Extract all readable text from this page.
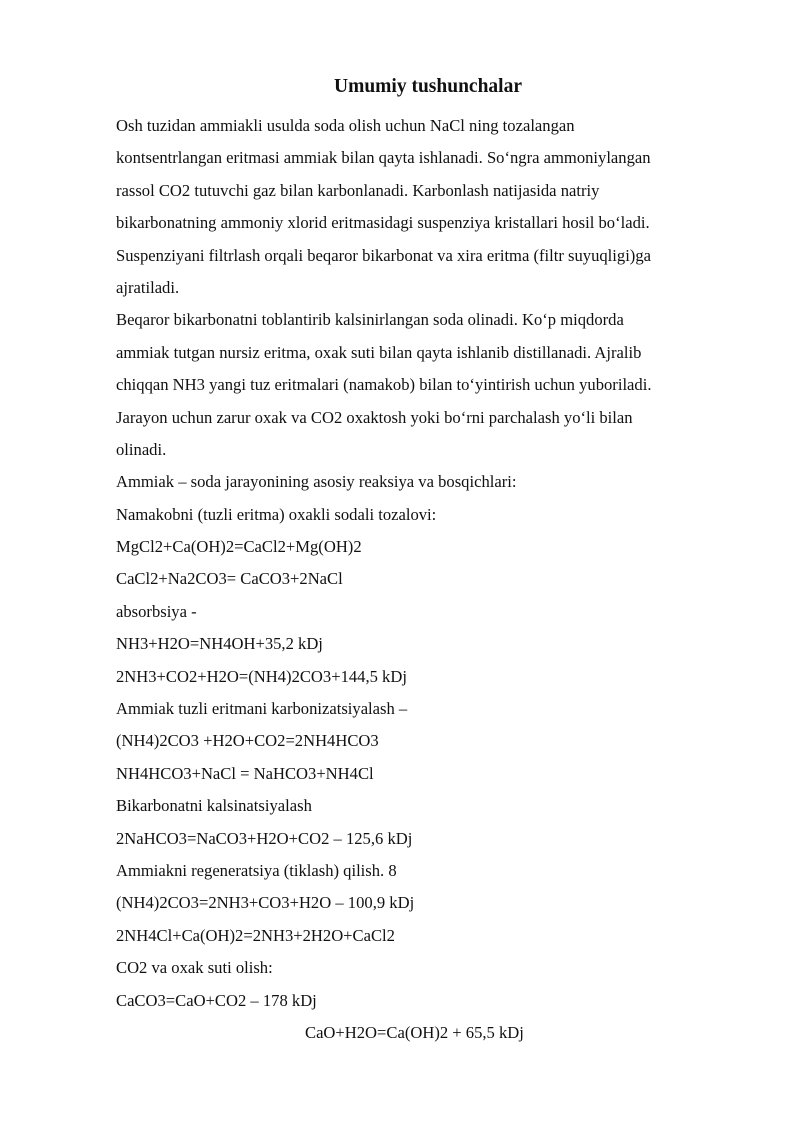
Umumiy tushunchalar
Osh tuzidan ammiakli usulda soda olish uchun NaCl ning tozalangan
kontsentrlangan eritmasi ammiak bilan qayta ishlanadi. So‘ngra ammoniylangan
rassol CO2 tutuvchi gaz bilan karbonlanadi. Karbonlash natijasida natriy
bikarbonatning ammoniy xlorid eritmasidagi suspenziya kristallari hosil bo‘ladi.
Suspenziyani filtrlash orqali beqaror bikarbonat va xira eritma (filtr suyuqligi)ga
ajratiladi.
Beqaror bikarbonatni toblantirib kalsinirlangan soda olinadi. Ko‘p miqdorda
ammiak tutgan nursiz eritma, oxak suti bilan qayta ishlanib distillanadi. Ajralib
chiqqan NH3 yangi tuz eritmalari (namakob) bilan to‘yintirish uchun yuboriladi.
Jarayon uchun zarur oxak va CO2 oxaktosh yoki bo‘rni parchalash yo‘li bilan
olinadi.
Ammiak – soda jarayonining asosiy reaksiya va bosqichlari:
Namakobni (tuzli eritma) oxakli sodali tozalovi:
MgCl2+Ca(OH)2=CaCl2+Mg(OH)2
CaCl2+Na2CO3= CaCO3+2NaCl
absorbsiya -
NH3+H2O=NH4OH+35,2 kDj
2NH3+CO2+H2O=(NH4)2CO3+144,5 kDj
Ammiak tuzli eritmani karbonizatsiyalash –
(NH4)2CO3 +H2O+CO2=2NH4HCO3
NH4HCO3+NaCl = NaHCO3+NH4Cl
Bikarbonatni kalsinatsiyalash
2NaHCO3=NaCO3+H2O+CO2 – 125,6 kDj
Ammiakni regeneratsiya (tiklash) qilish. 8
(NH4)2CO3=2NH3+CO3+H2O – 100,9 kDj
2NH4Cl+Ca(OH)2=2NH3+2H2O+CaCl2
CO2 va oxak suti olish:
CaCO3=CaO+CO2 – 178 kDj
CaO+H2O=Ca(OH)2 + 65,5 kDj
